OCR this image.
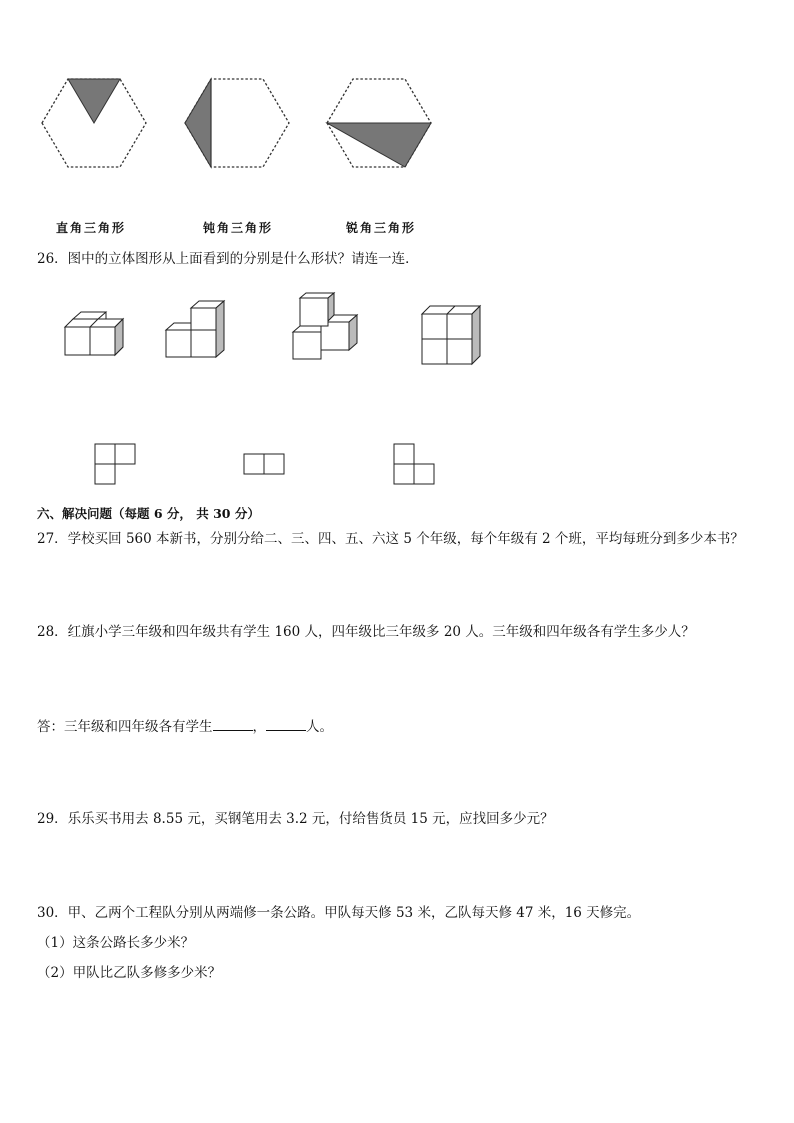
直角三角形	钝角三角形	锐角三角形
26．图中的立体图形从上面看到的分别是什么形状？请连一连．
六、解决问题（每题 6 分， 共 30 分）
27．学校买回 560 本新书，分别分给二、三、四、五、六这 5 个年级，每个年级有 2 个班，平均每班分到多少本书？
28．红旗小学三年级和四年级共有学生 160 人，四年级比三年级多 20 人。三年级和四年级各有学生多少人？
答：三年级和四年级各有学生	，	人。
29．乐乐买书用去 8.55 元，买钢笔用去 3.2 元，付给售货员 15 元，应找回多少元？
30．甲、乙两个工程队分别从两端修一条公路。甲队每天修 53 米，乙队每天修 47 米，16 天修完。
（1）这条公路长多少米？
（2）甲队比乙队多修多少米？
